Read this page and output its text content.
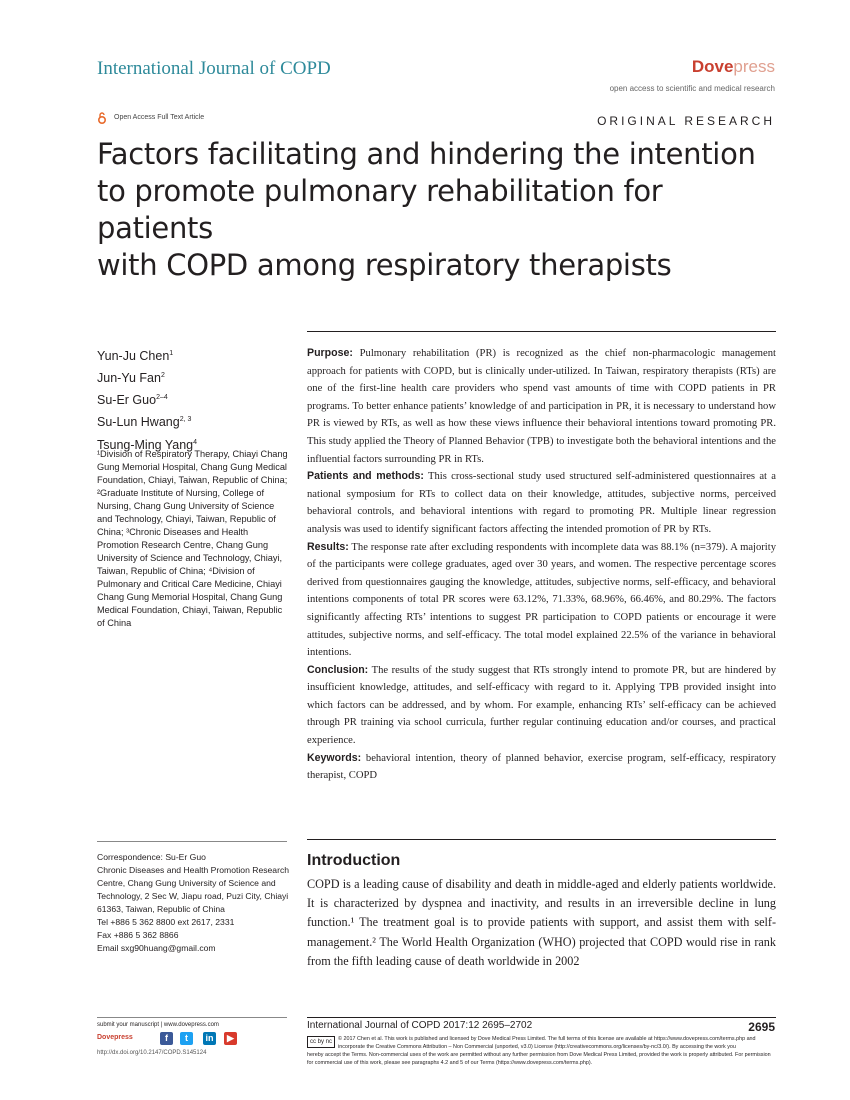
International Journal of COPD	Dovepress
open access to scientific and medical research
Open Access Full Text Article	ORIGINAL RESEARCH
Factors facilitating and hindering the intention
to promote pulmonary rehabilitation for patients
with COPD among respiratory therapists
Yun-Ju Chen$^1$
Jun-Yu Fan$^2$
Su-Er Guo$^{2-4}$
Su-Lun Hwang$^{2, 3}$
Tsung-Ming Yang$^4$
¹Division of Respiratory Therapy, Chiayi Chang Gung Memorial Hospital, Chang Gung Medical Foundation, Chiayi, Taiwan, Republic of China; ²Graduate Institute of Nursing, College of Nursing, Chang Gung University of Science and Technology, Chiayi, Taiwan, Republic of China; ³Chronic Diseases and Health Promotion Research Centre, Chang Gung University of Science and Technology, Chiayi, Taiwan, Republic of China; ⁴Division of Pulmonary and Critical Care Medicine, Chiayi Chang Gung Memorial Hospital, Chang Gung Medical Foundation, Chiayi, Taiwan, Republic of China

Purpose: Pulmonary rehabilitation (PR) is recognized as the chief non-pharmacologic management approach for patients with COPD, but is clinically under-utilized. In Taiwan, respiratory therapists (RTs) are one of the first-line health care providers who spend vast amounts of time with COPD patients in PR programs. To better enhance patients’ knowledge of and participation in PR, it is necessary to understand how PR is viewed by RTs, as well as how these views influence their behavioral intentions toward promoting PR. This study applied the Theory of Planned Behavior (TPB) to investigate both the behavioral intentions and the influential factors surrounding PR in RTs.

Patients and methods: This cross-sectional study used structured self-administered questionnaires at a national symposium for RTs to collect data on their knowledge, attitudes, subjective norms, perceived behavioral controls, and behavioral intentions with regard to promoting PR. Multiple linear regression analysis was used to identify significant factors affecting the intended promotion of PR by RTs.

Results: The response rate after excluding respondents with incomplete data was 88.1% (n=379). A majority of the participants were college graduates, aged over 30 years, and women. The respective percentage scores derived from questionnaires gauging the knowledge, attitudes, subjective norms, self-efficacy, and behavioral intentions components of total PR scores were 63.12%, 71.33%, 68.96%, 66.46%, and 80.29%. The factors significantly affecting RTs’ intentions to suggest PR participation to COPD patients or encourage it were attitudes, subjective norms, and self-efficacy. The total model explained 22.5% of the variance in behavioral intentions.

Conclusion: The results of the study suggest that RTs strongly intend to promote PR, but are hindered by insufficient knowledge, attitudes, and self-efficacy with regard to it. Applying TPB provided insight into which factors can be addressed, and by whom. For example, enhancing RTs’ self-efficacy can be achieved through PR training via school curricula, further regular continuing education and/or courses, and practical experience.

Keywords: behavioral intention, theory of planned behavior, exercise program, self-efficacy, respiratory therapist, COPD

Correspondence: Su-Er Guo
Chronic Diseases and Health Promotion Research Centre, Chang Gung University of Science and Technology, 2 Sec W, Jiapu road, Puzi City, Chiayi 61363, Taiwan, Republic of China
Tel +886 5 362 8800 ext 2617, 2331
Fax +886 5 362 8866
Email sxg90huang@gmail.com
Introduction
COPD is a leading cause of disability and death in middle-aged and elderly patients worldwide. It is characterized by dyspnea and inactivity, and results in an irreversible decline in lung function.¹ The treatment goal is to provide patients with support, and assist them with self-management.² The World Health Organization (WHO) projected that COPD would rise in rank from the fifth leading cause of death worldwide in 2002
submit your manuscript | www.dovepress.com
Dovepress	f	t	in	▶
http://dx.doi.org/10.2147/COPD.S145124
International Journal of COPD 2017:12 2695–2702	2695
cc by nc	© 2017 Chen et al. This work is published and licensed by Dove Medical Press Limited. The full terms of this license are available at https://www.dovepress.com/terms.php and incorporate the Creative Commons Attribution – Non Commercial (unported, v3.0) License (http://creativecommons.org/licenses/by-nc/3.0/). By accessing the work you
hereby accept the Terms. Non-commercial uses of the work are permitted without any further permission from Dove Medical Press Limited, provided the work is properly attributed. For permission for commercial use of this work, please see paragraphs 4.2 and 5 of our Terms (https://www.dovepress.com/terms.php).
